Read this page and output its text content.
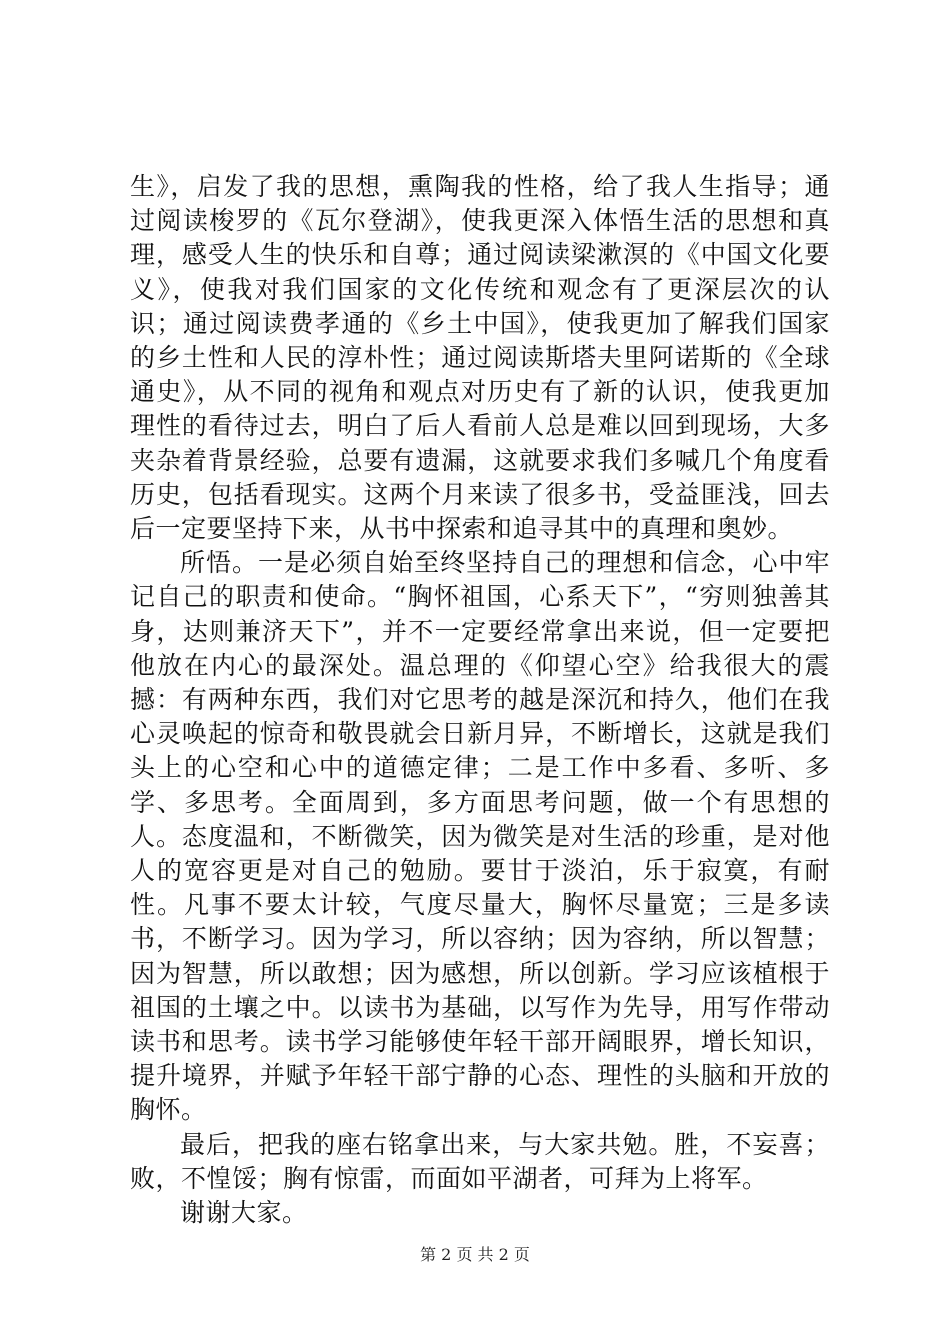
生》，启发了我的思想，熏陶我的性格，给了我人生指导；通过阅读梭罗的《瓦尔登湖》，使我更深入体悟生活的思想和真理，感受人生的快乐和自尊；通过阅读梁漱溟的《中国文化要义》，使我对我们国家的文化传统和观念有了更深层次的认识；通过阅读费孝通的《乡土中国》，使我更加了解我们国家的乡土性和人民的淳朴性；通过阅读斯塔夫里阿诺斯的《全球通史》，从不同的视角和观点对历史有了新的认识，使我更加理性的看待过去，明白了后人看前人总是难以回到现场，大多夹杂着背景经验，总要有遗漏，这就要求我们多喊几个角度看历史，包括看现实。这两个月来读了很多书，受益匪浅，回去后一定要坚持下来，从书中探索和追寻其中的真理和奥妙。

所悟。一是必须自始至终坚持自己的理想和信念，心中牢记自己的职责和使命。“胸怀祖国，心系天下”，“穷则独善其身，达则兼济天下”，并不一定要经常拿出来说，但一定要把他放在内心的最深处。温总理的《仰望心空》给我很大的震撼：有两种东西，我们对它思考的越是深沉和持久，他们在我心灵唤起的惊奇和敬畏就会日新月异，不断增长，这就是我们头上的心空和心中的道德定律；二是工作中多看、多听、多学、多思考。全面周到，多方面思考问题，做一个有思想的人。态度温和，不断微笑，因为微笑是对生活的珍重，是对他人的宽容更是对自己的勉励。要甘于淡泊，乐于寂寞，有耐性。凡事不要太计较，气度尽量大，胸怀尽量宽；三是多读书，不断学习。因为学习，所以容纳；因为容纳，所以智慧；因为智慧，所以敢想；因为感想，所以创新。学习应该植根于祖国的土壤之中。以读书为基础，以写作为先导，用写作带动读书和思考。读书学习能够使年轻干部开阔眼界，增长知识，提升境界，并赋予年轻干部宁静的心态、理性的头脑和开放的胸怀。

最后，把我的座右铭拿出来，与大家共勉。胜，不妄喜；败，不惶馁；胸有惊雷，而面如平湖者，可拜为上将军。

谢谢大家。

第 2 页 共 2 页
